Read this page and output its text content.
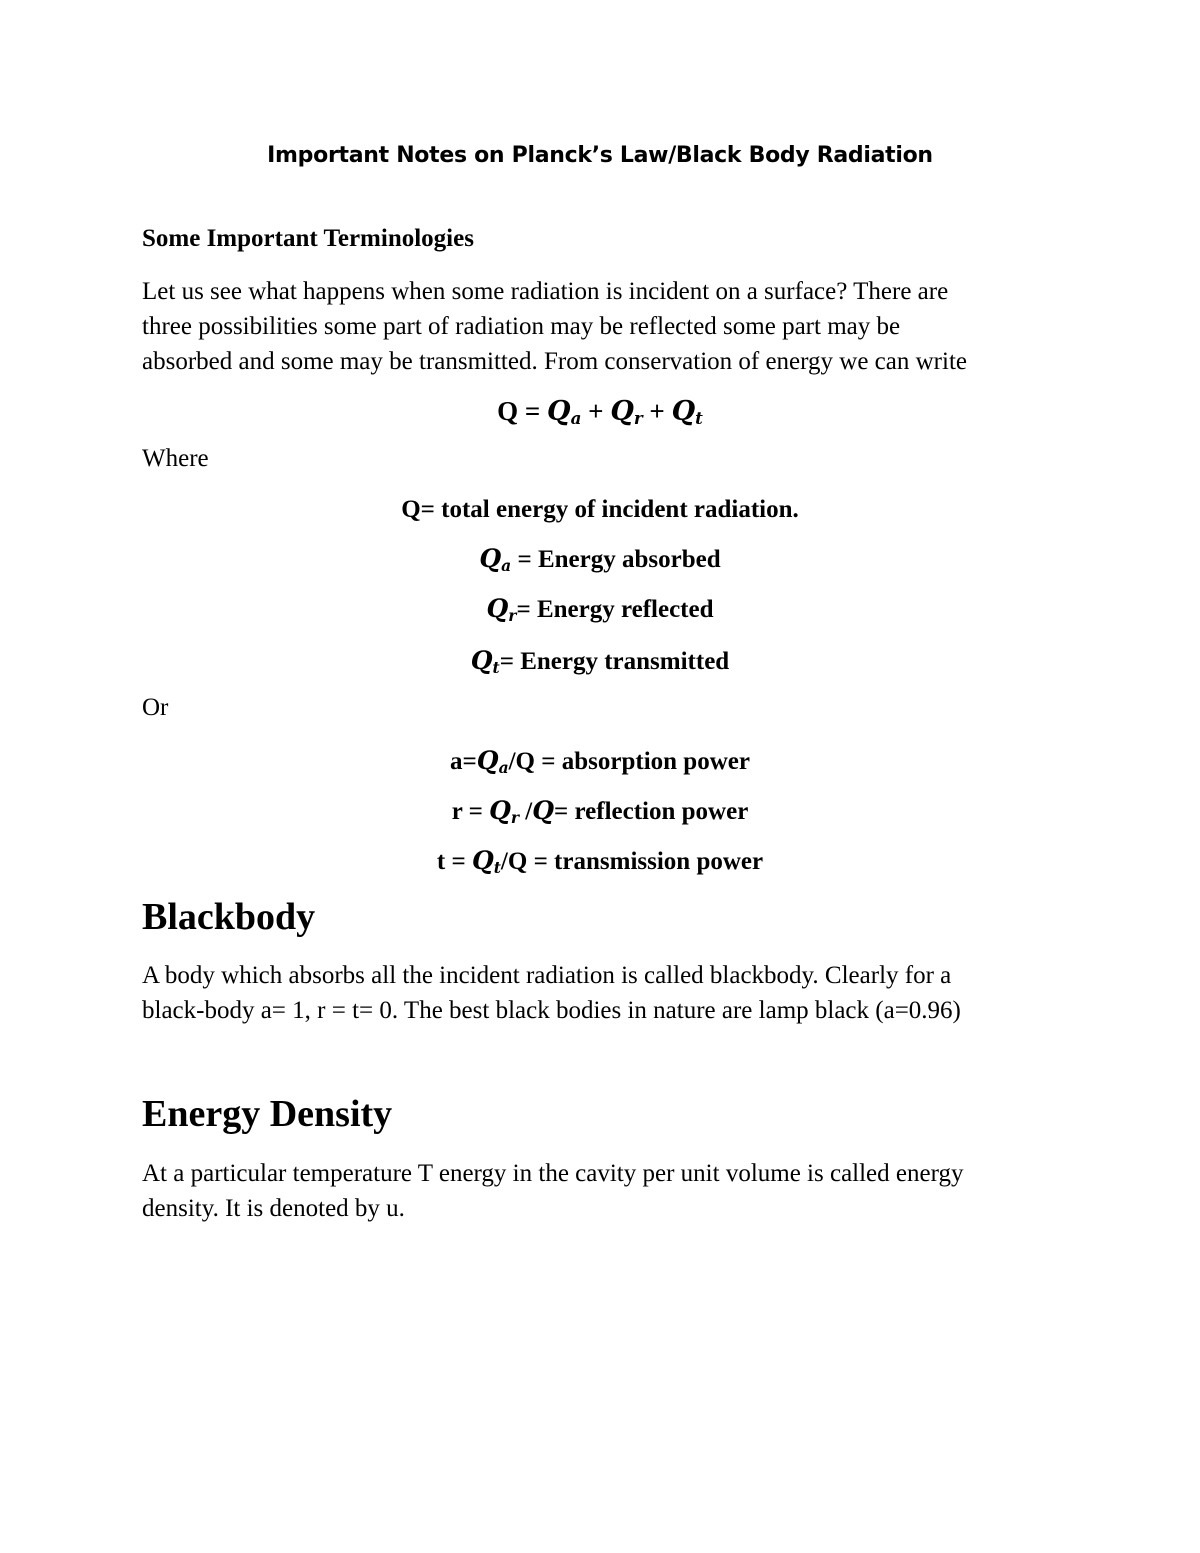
Important Notes on Planck’s Law/Black Body Radiation
Some Important Terminologies
Let us see what happens when some radiation is incident on a surface? There are
three possibilities some part of radiation may be reflected some part may be
absorbed and some may be transmitted. From conservation of energy we can write
$Q = Q_a + Q_r + Q_t$
Where
Q= total energy of incident radiation.
$Q_a$ = Energy absorbed
$Q_r=$ Energy reflected
$Q_t=$ Energy transmitted
Or
$a=Q_a/Q$ = absorption power
$r = Q_r$ /Q= reflection power
$t = Q_t/Q$ = transmission power
Blackbody
A body which absorbs all the incident radiation is called blackbody. Clearly for a
black-body a= 1, r = t= 0. The best black bodies in nature are lamp black (a=0.96)
Energy Density
At a particular temperature T energy in the cavity per unit volume is called energy
density. It is denoted by u.
